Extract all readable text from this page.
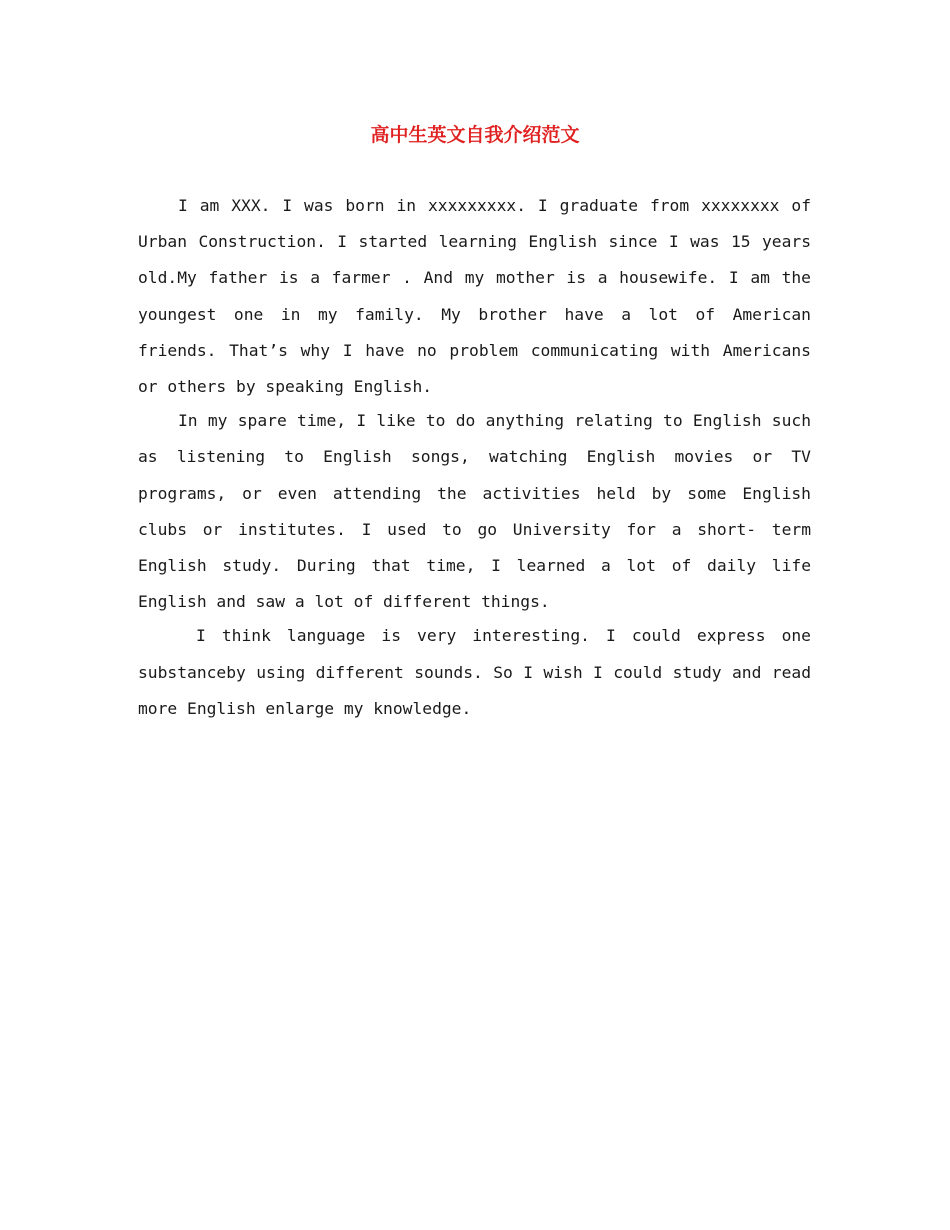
高中生英文自我介绍范文

I am XXX. I was born in xxxxxxxxx. I graduate from xxxxxxxx of Urban Construction. I started learning English since I was 15 years old.My father is a farmer . And my mother is a housewife. I am the youngest one in my family. My brother have a lot of American friends. That’s why I have no problem communicating with Americans or others by speaking English.

In my spare time, I like to do anything relating to English such as listening to English songs, watching English movies or TV programs, or even attending the activities held by some English clubs or institutes. I used to go University for a short- term English study. During that time, I learned a lot of daily life English and saw a lot of different things.

I think language is very interesting. I could express one substanceby using different sounds. So I wish I could study and read more English enlarge my knowledge.
